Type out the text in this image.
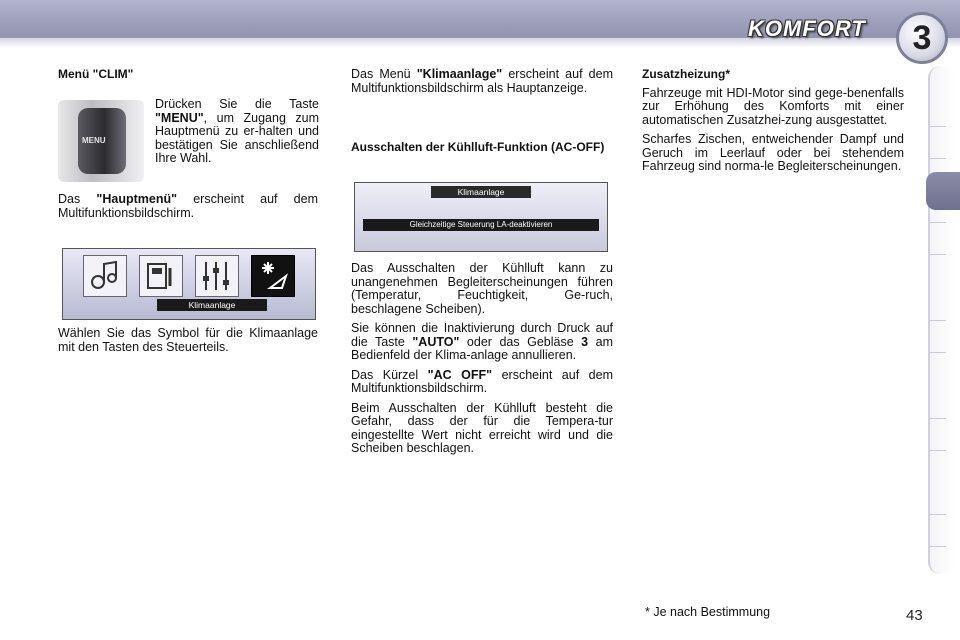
KOMFORT	3

Menü "CLIM"

MENU

Drücken Sie die Taste "MENU", um Zugang zum Hauptmenü zu er-halten und bestätigen Sie anschließend Ihre Wahl.

Das "Hauptmenü" erscheint auf dem Multifunktionsbildschirm.

Klimaanlage

Wählen Sie das Symbol für die Klimaanlage mit den Tasten des Steuerteils.

Das Menü "Klimaanlage" erscheint auf dem Multifunktionsbildschirm als Hauptanzeige.

Ausschalten der Kühlluft-Funktion (AC-OFF)

Klimaanlage
Gleichzeitige Steuerung LA-deaktivieren

Das Ausschalten der Kühlluft kann zu unangenehmen Begleiterscheinungen führen (Temperatur, Feuchtigkeit, Ge-ruch, beschlagene Scheiben).

Sie können die Inaktivierung durch Druck auf die Taste "AUTO" oder das Gebläse 3 am Bedienfeld der Klima-anlage annullieren.

Das Kürzel "AC OFF" erscheint auf dem Multifunktionsbildschirm.

Beim Ausschalten der Kühlluft besteht die Gefahr, dass der für die Tempera-tur eingestellte Wert nicht erreicht wird und die Scheiben beschlagen.

Zusatzheizung*

Fahrzeuge mit HDI-Motor sind gege-benenfalls zur Erhöhung des Komforts mit einer automatischen Zusatzhei-zung ausgestattet.

Scharfes Zischen, entweichender Dampf und Geruch im Leerlauf oder bei stehendem Fahrzeug sind norma-le Begleiterscheinungen.

* Je nach Bestimmung	43
